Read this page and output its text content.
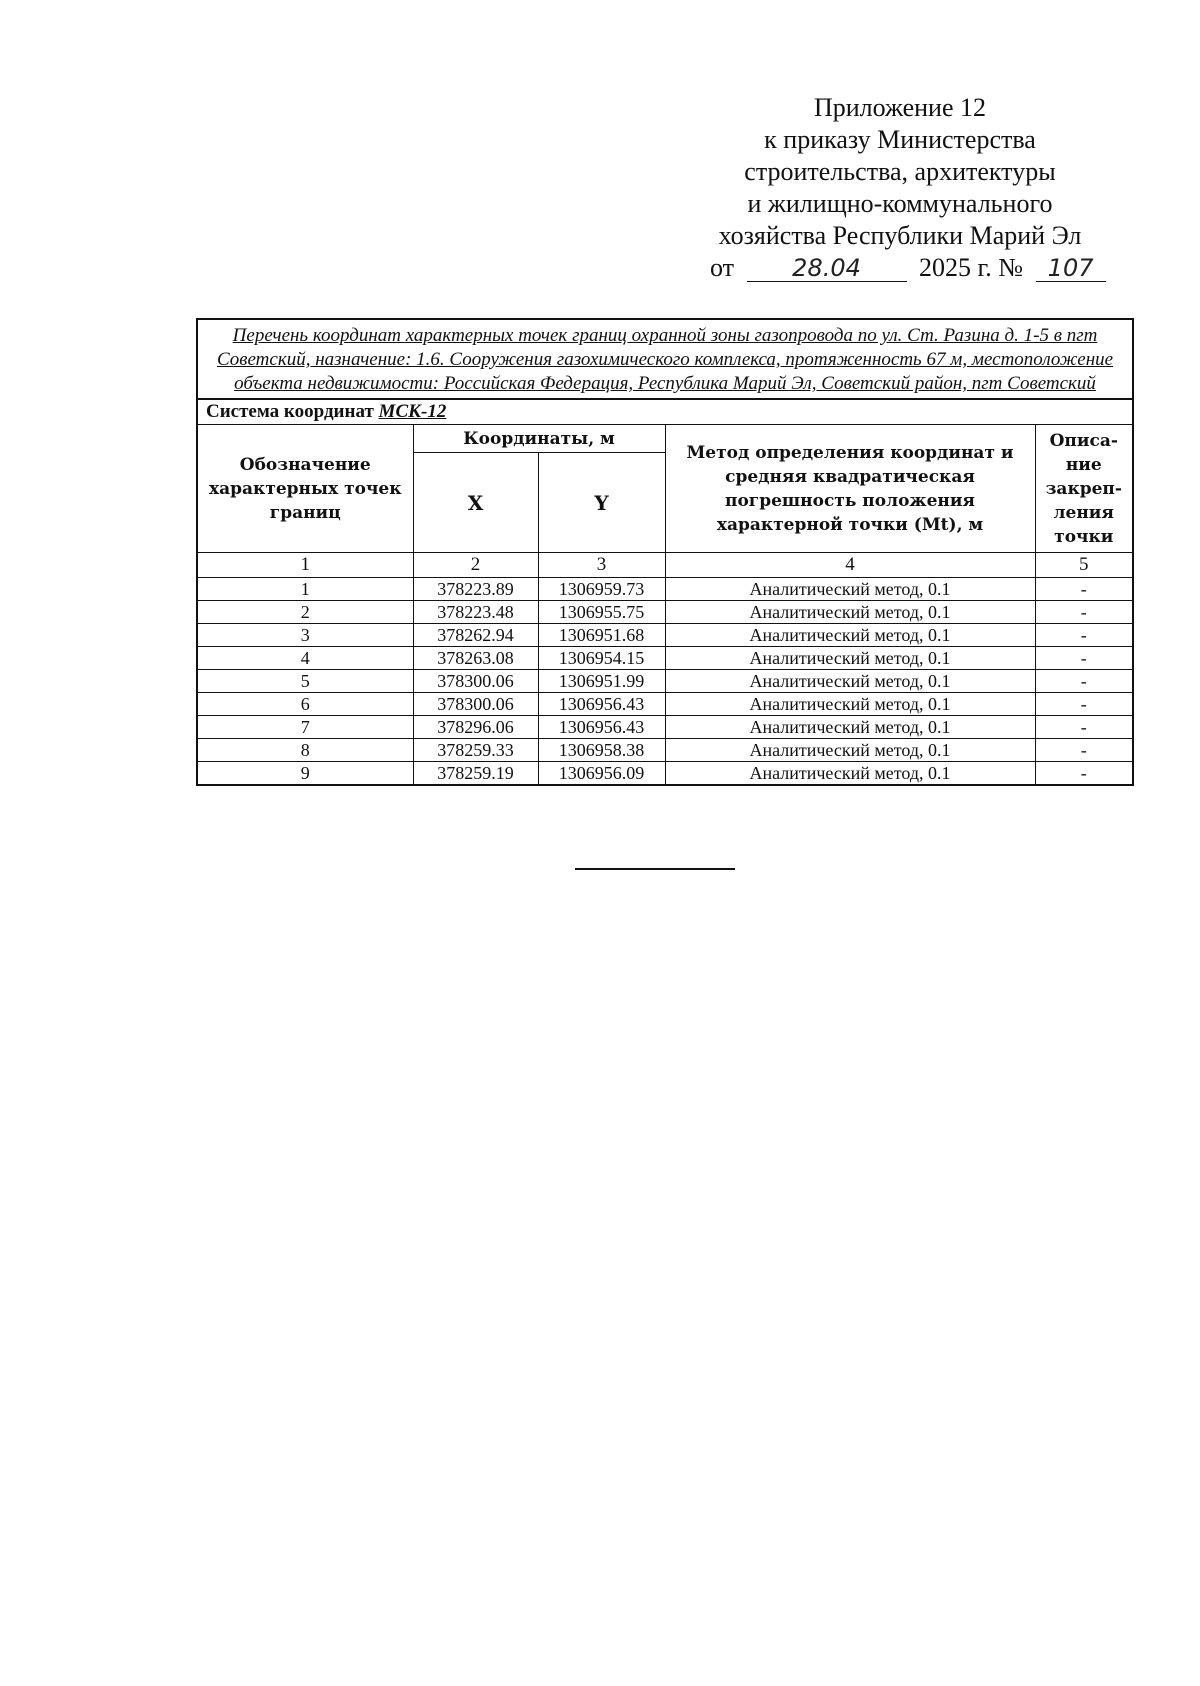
Приложение 12
к приказу Министерства
строительства, архитектуры
и жилищно-коммунального
хозяйства Республики Марий Эл
от 28.04 2025 г. № 107
Перечень координат характерных точек границ охранной зоны газопровода по ул. Ст. Разина д. 1-5 в пгт Советский, назначение: 1.6. Сооружения газохимического комплекса, протяженность 67 м, местоположение объекта недвижимости: Российская Федерация, Республика Марий Эл, Советский район, пгт Советский				
Система координат МСК-12				
Обозначение характерных точек границ	Координаты, м		Метод определения координат и средняя квадратическая погрешность положения характерной точки (Mt), м	Описа-ние закреп-ления точки
	X	Y		
1	2	3	4	5
1	378223.89	1306959.73	Аналитический метод, 0.1	-
2	378223.48	1306955.75	Аналитический метод, 0.1	-
3	378262.94	1306951.68	Аналитический метод, 0.1	-
4	378263.08	1306954.15	Аналитический метод, 0.1	-
5	378300.06	1306951.99	Аналитический метод, 0.1	-
6	378300.06	1306956.43	Аналитический метод, 0.1	-
7	378296.06	1306956.43	Аналитический метод, 0.1	-
8	378259.33	1306958.38	Аналитический метод, 0.1	-
9	378259.19	1306956.09	Аналитический метод, 0.1	-
